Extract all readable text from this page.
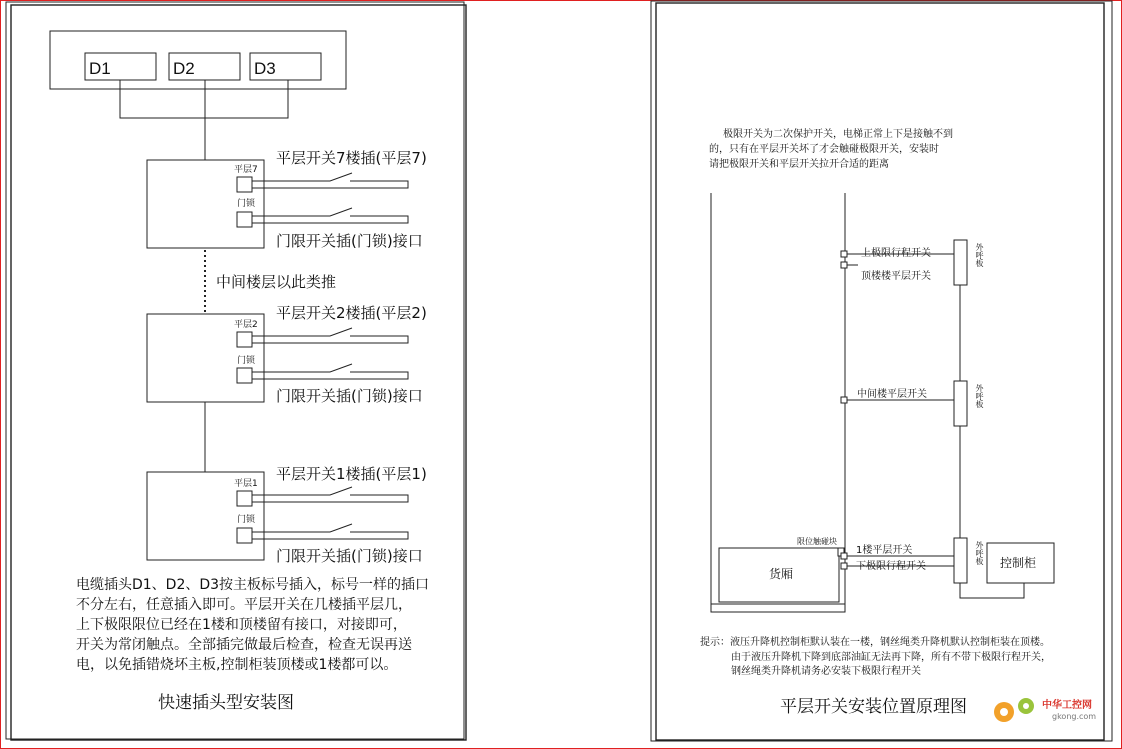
D1	D2	D3
平层7
门锁
平层开关7楼插(平层7)
门限开关插(门锁)接口
中间楼层以此类推
平层2
门锁
平层开关2楼插(平层2)
门限开关插(门锁)接口
平层1
门锁
平层开关1楼插(平层1)
门限开关插(门锁)接口
电缆插头D1、D2、D3按主板标号插入，标号一样的插口
不分左右，任意插入即可。平层开关在几楼插平层几，
上下极限限位已经在1楼和顶楼留有接口，对接即可，
开关为常闭触点。全部插完做最后检查，检查无误再送
电，以免插错烧坏主板,控制柜装顶楼或1楼都可以。
快速插头型安装图
极限开关为二次保护开关，电梯正常上下是接触不到
的，只有在平层开关坏了才会触碰极限开关，安装时
请把极限开关和平层开关拉开合适的距离
货厢
限位触碰块
上极限行程开关
顶楼楼平层开关
中间楼平层开关
1楼平层开关
下极限行程开关
外呼板
外呼板
外呼板
控制柜
提示：液压升降机控制柜默认装在一楼，钢丝绳类升降机默认控制柜装在顶楼。
由于液压升降机下降到底部油缸无法再下降，所有不带下极限行程开关，
钢丝绳类升降机请务必安装下极限行程开关
平层开关安装位置原理图	中华工控网
gkong.com
